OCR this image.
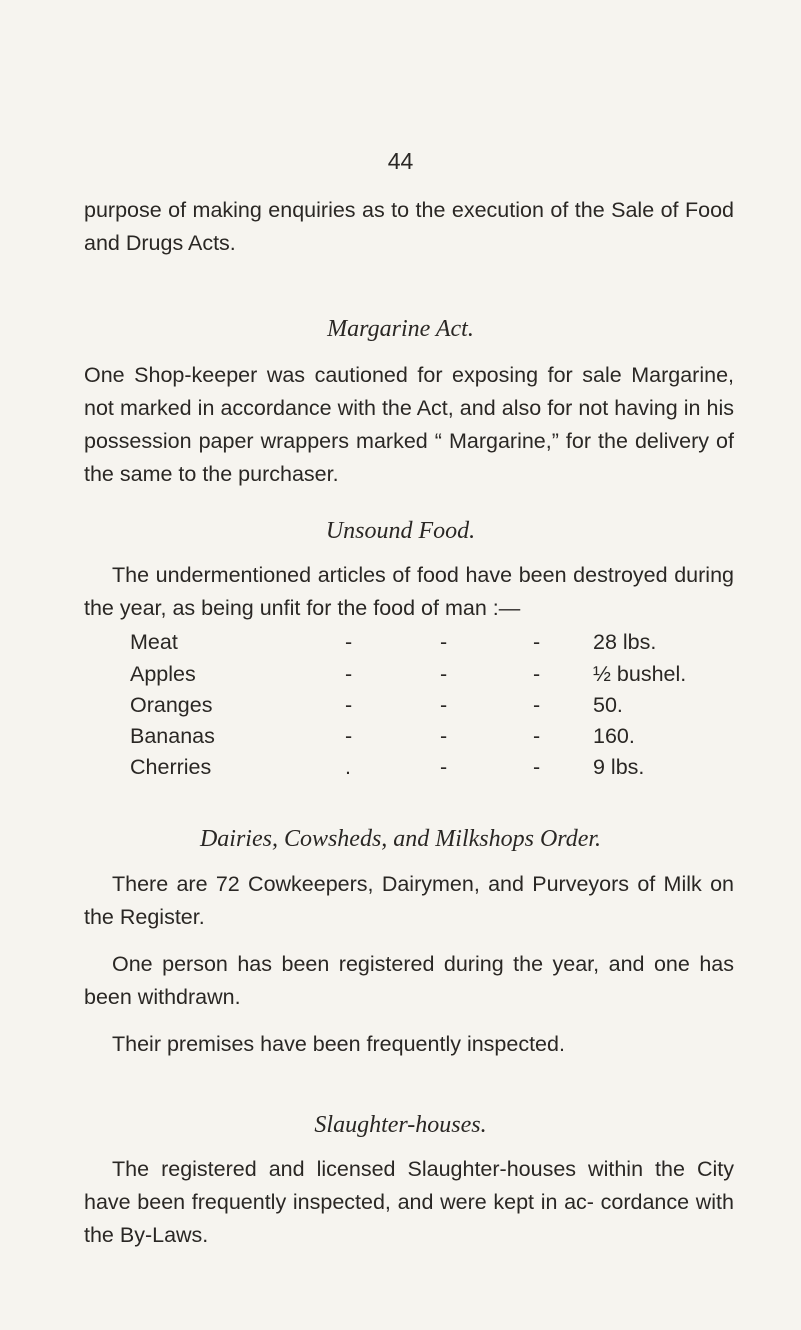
44

purpose of making enquiries as to the execution of the Sale of Food and Drugs Acts.

Margarine Act.

One Shop-keeper was cautioned for exposing for sale Margarine, not marked in accordance with the Act, and also for not having in his possession paper wrappers marked “ Margarine,” for the delivery of the same to the purchaser.

Unsound Food.

The undermentioned articles of food have been destroyed during the year, as being unfit for the food of man :—

Meat	-	-	- 28 lbs.
Apples	-	-	- ½ bushel.
Oranges	-	-	- 50.
Bananas	-	-	- 160.
Cherries	.	-	- 9 lbs.
Dairies, Cowsheds, and Milkshops Order.

There are 72 Cowkeepers, Dairymen, and Purveyors of Milk on the Register.

One person has been registered during the year, and one has been withdrawn.

Their premises have been frequently inspected.

Slaughter-houses.

The registered and licensed Slaughter-houses within the City have been frequently inspected, and were kept in ac- cordance with the By-Laws.
